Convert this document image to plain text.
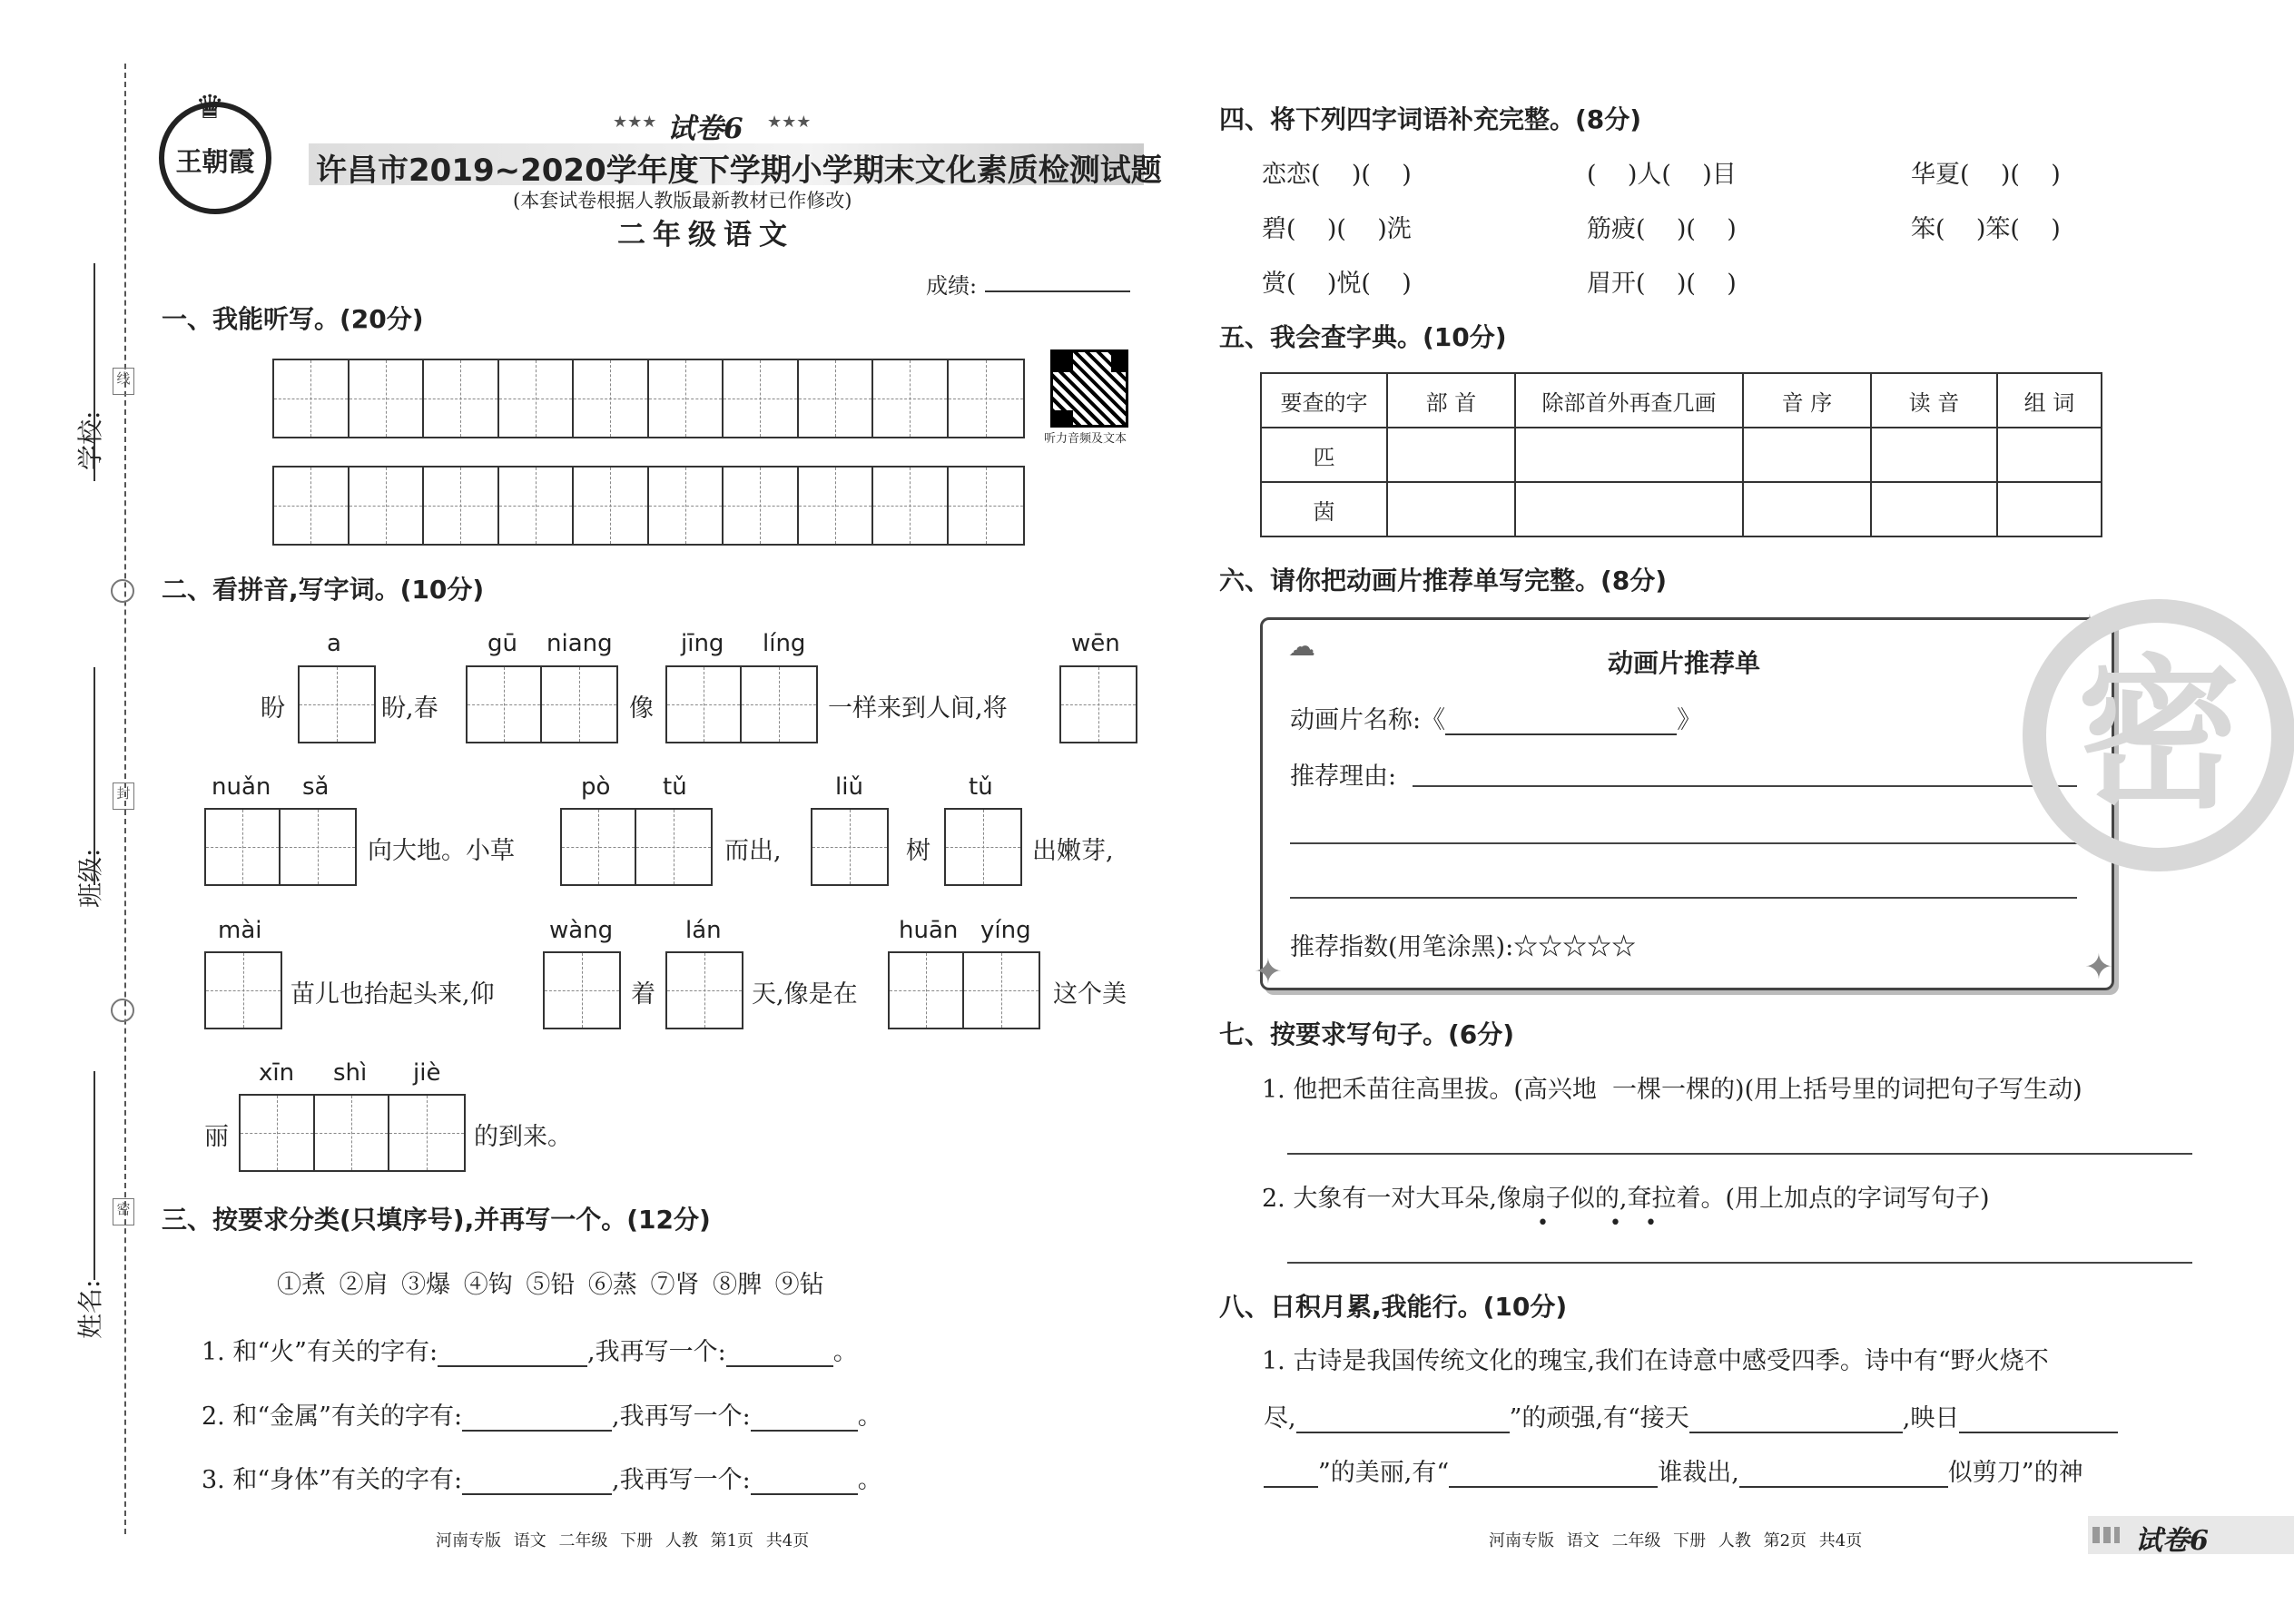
学校:
班级:
姓名:
线
封
密
♛
王朝霞
★★★ 试卷6 ★★★
许昌市2019~2020学年度下学期小学期末文化素质检测试题
(本套试卷根据人教版最新教材已作修改)
二年级语文
成绩:
听力音频及文本
一、我能听写。(20分)
二、看拼音,写字词。(10分)
a	gū niang	jīng líng	wēn
盼	盼,春	像	一样来到人间,将
nuǎn sǎ	pò tǔ	liǔ	tǔ
向大地。小草	而出,	树	出嫩芽,
mài	wàng	lán	huān yíng
苗儿也抬起头来,仰	着	天,像是在	这个美
xīn shì jiè
丽	的到来。
三、按要求分类(只填序号),并再写一个。(12分)
①煮 ②肩 ③爆 ④钩 ⑤铅 ⑥蒸 ⑦肾 ⑧脾 ⑨钻
1. 和“火”有关的字有:	,我再写一个:	。
2. 和“金属”有关的字有:	,我再写一个:	。
3. 和“身体”有关的字有:	,我再写一个:	。
河南专版 语文 二年级 下册 人教 第1页 共4页
四、将下列四字词语补充完整。(8分)
恋恋(    )(    )	(    )人(    )目	华夏(    )(    )
碧(    )(    )洗	筋疲(    )(    )	笨(    )笨(    )
赏(    )悦(    )	眉开(    )(    )
五、我会查字典。(10分)
要查的字	部 首	除部首外再查几画	音 序	读 音	组 词
匹					
茵					
六、请你把动画片推荐单写完整。(8分)
☁	✦
✦	✦
动画片推荐单
动画片名称:《	》
推荐理由:
推荐指数(用笔涂黑):☆☆☆☆☆
密
七、按要求写句子。(6分)
1. 他把禾苗往高里拔。(高兴地  一棵一棵的)(用上括号里的词把句子写生动)
2. 大象有一对大耳朵,像扇子似的,耷拉着。(用上加点的字词写句子)
•	• •
八、日积月累,我能行。(10分)
1. 古诗是我国传统文化的瑰宝,我们在诗意中感受四季。诗中有“野火烧不
尽,	”的顽强,有“接天	,映日
”的美丽,有“	谁裁出,	似剪刀”的神
河南专版 语文 二年级 下册 人教 第2页 共4页	试卷6
